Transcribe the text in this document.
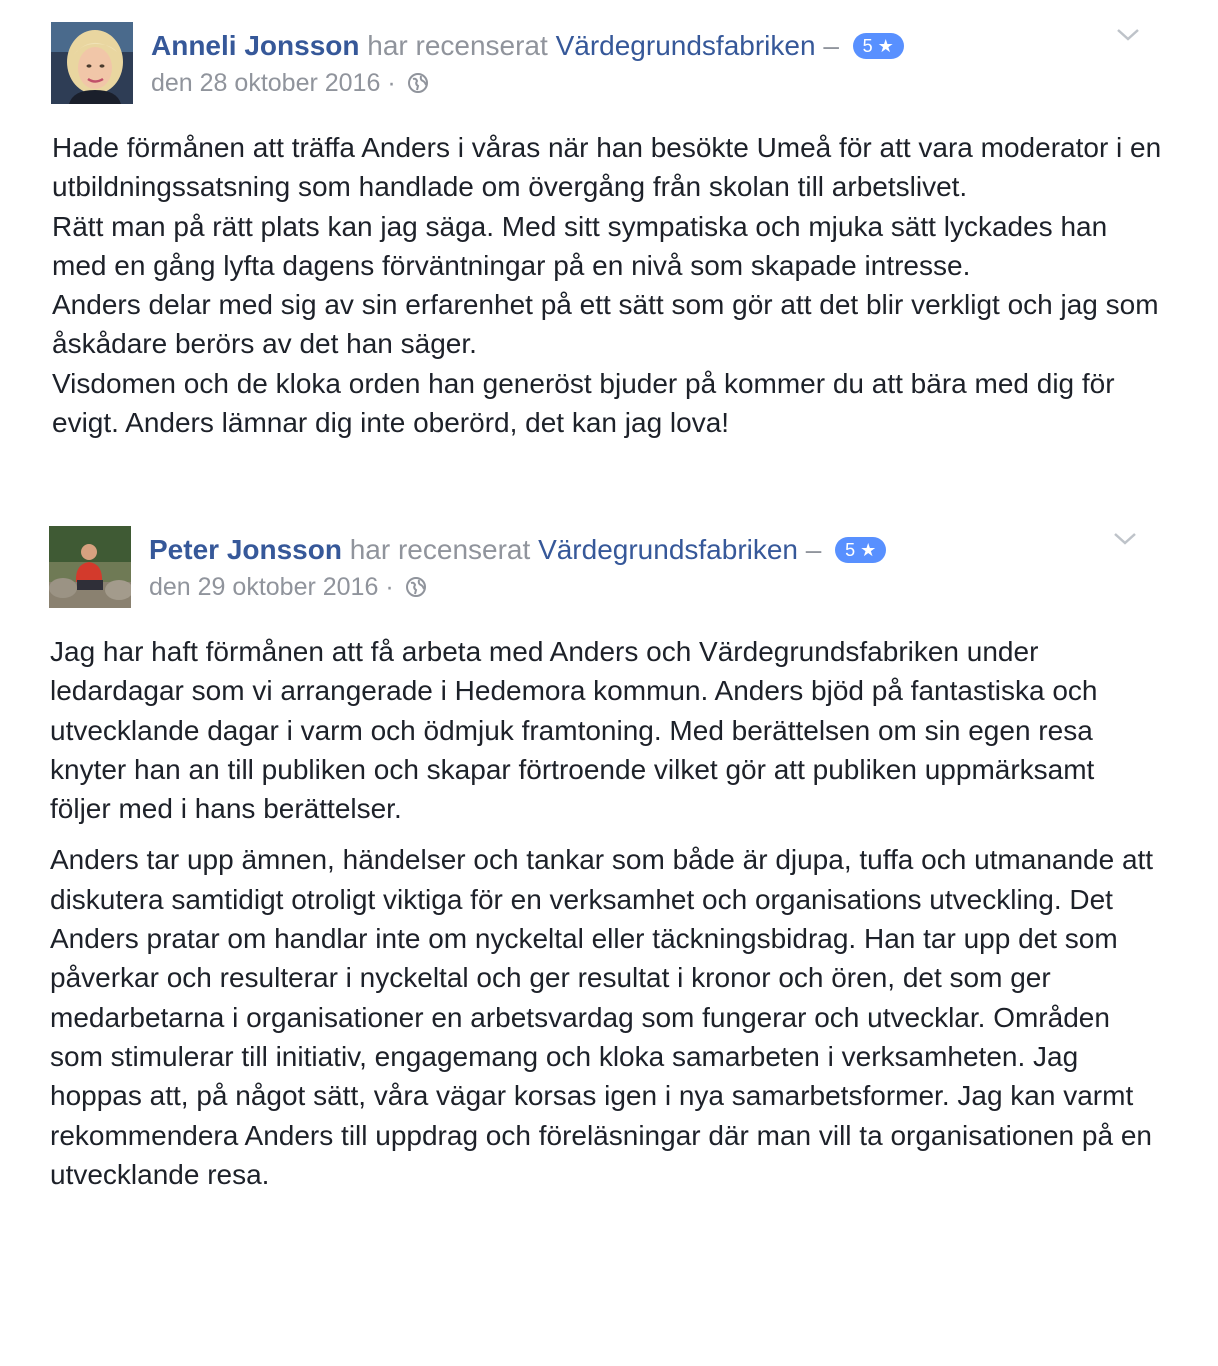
Anneli Jonsson har recenserat Värdegrundsfabriken – 5 ★
den 28 oktober 2016 ·

Hade förmånen att träffa Anders i våras när han besökte Umeå för att vara moderator i en utbildningssatsning som handlade om övergång från skolan till arbetslivet.

Rätt man på rätt plats kan jag säga. Med sitt sympatiska och mjuka sätt lyckades han med en gång lyfta dagens förväntningar på en nivå som skapade intresse.

Anders delar med sig av sin erfarenhet på ett sätt som gör att det blir verkligt och jag som åskådare berörs av det han säger.

Visdomen och de kloka orden han generöst bjuder på kommer du att bära med dig för evigt. Anders lämnar dig inte oberörd, det kan jag lova!

Peter Jonsson har recenserat Värdegrundsfabriken – 5 ★
den 29 oktober 2016 ·

Jag har haft förmånen att få arbeta med Anders och Värdegrundsfabriken under ledardagar som vi arrangerade i Hedemora kommun. Anders bjöd på fantastiska och utvecklande dagar i varm och ödmjuk framtoning. Med berättelsen om sin egen resa knyter han an till publiken och skapar förtroende vilket gör att publiken uppmärksamt följer med i hans berättelser.

Anders tar upp ämnen, händelser och tankar som både är djupa, tuffa och utmanande att diskutera samtidigt otroligt viktiga för en verksamhet och organisations utveckling. Det Anders pratar om handlar inte om nyckeltal eller täckningsbidrag. Han tar upp det som påverkar och resulterar i nyckeltal och ger resultat i kronor och ören, det som ger medarbetarna i organisationer en arbetsvardag som fungerar och utvecklar. Områden som stimulerar till initiativ, engagemang och kloka samarbeten i verksamheten. Jag hoppas att, på något sätt, våra vägar korsas igen i nya samarbetsformer. Jag kan varmt rekommendera Anders till uppdrag och föreläsningar där man vill ta organisationen på en utvecklande resa.
